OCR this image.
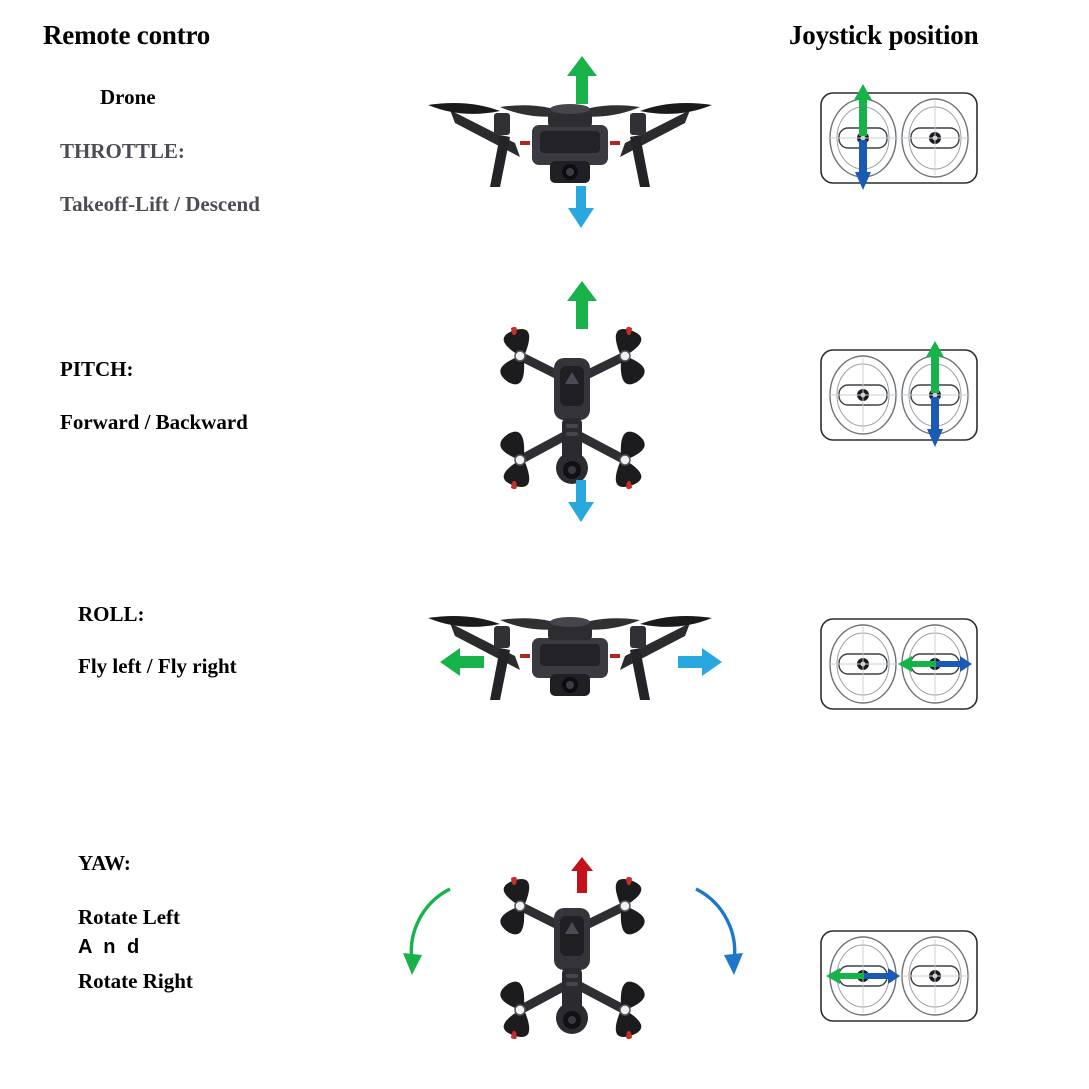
Remote contro	Joystick position
Drone
THROTTLE:
Takeoff-Lift / Descend
PITCH:
Forward / Backward
ROLL:
Fly left / Fly right
YAW:
Rotate Left
A n d
Rotate Right
